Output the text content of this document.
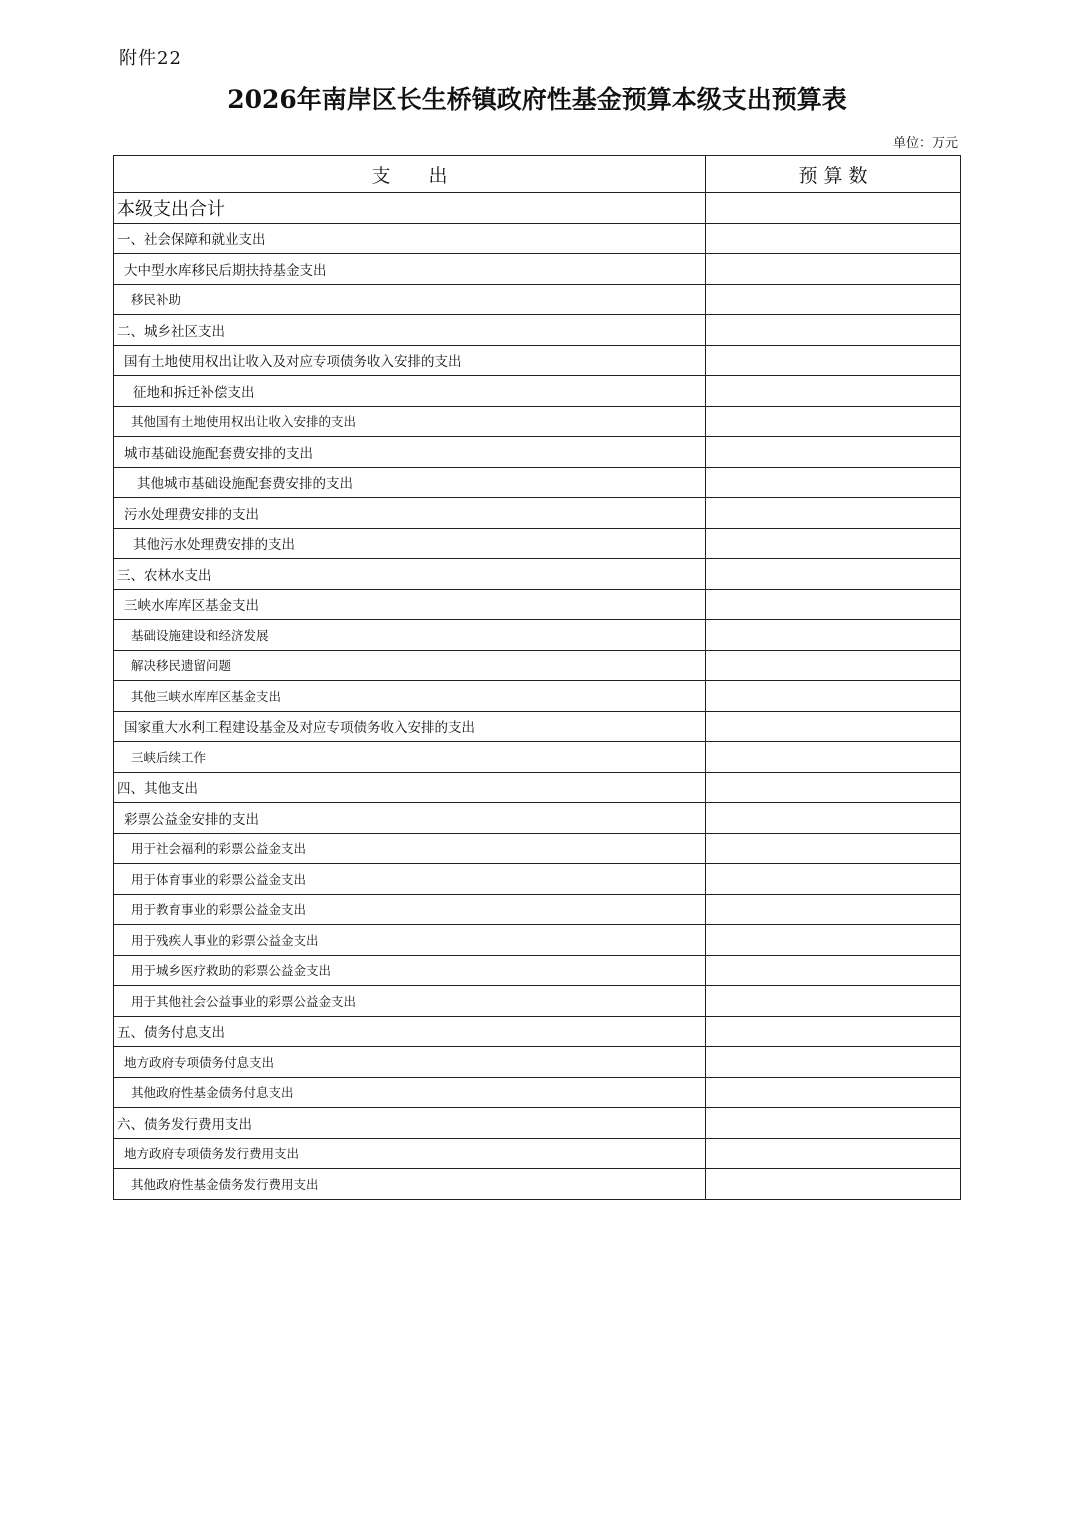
附件22
2026年南岸区长生桥镇政府性基金预算本级支出预算表
单位：万元
支　　出	预 算 数

本级支出合计	

一、社会保障和就业支出	

大中型水库移民后期扶持基金支出	

移民补助	

二、城乡社区支出	

国有土地使用权出让收入及对应专项债务收入安排的支出	

征地和拆迁补偿支出	

其他国有土地使用权出让收入安排的支出	

城市基础设施配套费安排的支出	

其他城市基础设施配套费安排的支出	

污水处理费安排的支出	

其他污水处理费安排的支出	

三、农林水支出	

三峡水库库区基金支出	

基础设施建设和经济发展	

解决移民遗留问题	

其他三峡水库库区基金支出	

国家重大水利工程建设基金及对应专项债务收入安排的支出	

三峡后续工作	

四、其他支出	

彩票公益金安排的支出	

用于社会福利的彩票公益金支出	

用于体育事业的彩票公益金支出	

用于教育事业的彩票公益金支出	

用于残疾人事业的彩票公益金支出	

用于城乡医疗救助的彩票公益金支出	

用于其他社会公益事业的彩票公益金支出	

五、债务付息支出	

地方政府专项债务付息支出	

其他政府性基金债务付息支出	

六、债务发行费用支出	

地方政府专项债务发行费用支出	

其他政府性基金债务发行费用支出	
